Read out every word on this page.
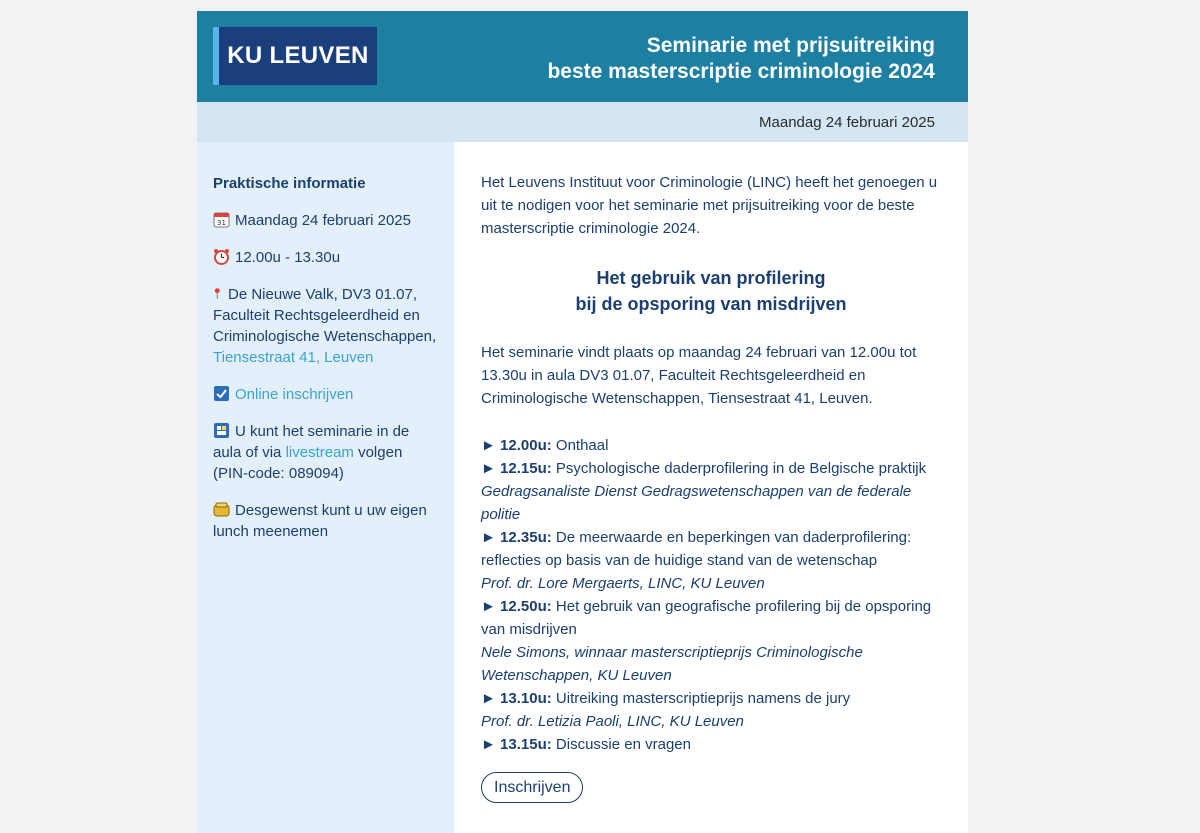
KU LEUVEN	Seminarie met prijsuitreiking
beste masterscriptie criminologie 2024
Maandag 24 februari 2025
Praktische informatie
31 Maandag 24 februari 2025
12.00u - 13.30u
De Nieuwe Valk, DV3 01.07, Faculteit Rechtsgeleerdheid en Criminologische Wetenschappen, Tiensestraat 41, Leuven
Online inschrijven
U kunt het seminarie in de aula of via livestream volgen (PIN-code: 089094)
Desgewenst kunt u uw eigen lunch meenemen

Het Leuvens Instituut voor Criminologie (LINC) heeft het genoegen u uit te nodigen voor het seminarie met prijsuitreiking voor de beste masterscriptie criminologie 2024.

Het gebruik van profilering
bij de opsporing van misdrijven

Het seminarie vindt plaats op maandag 24 februari van 12.00u tot 13.30u in aula DV3 01.07, Faculteit Rechtsgeleerdheid en Criminologische Wetenschappen, Tiensestraat 41, Leuven.

► 12.00u: Onthaal
► 12.15u: Psychologische daderprofilering in de Belgische praktijk
Gedragsanaliste Dienst Gedragswetenschappen van de federale politie
► 12.35u: De meerwaarde en beperkingen van daderprofilering: reflecties op basis van de huidige stand van de wetenschap
Prof. dr. Lore Mergaerts, LINC, KU Leuven
► 12.50u: Het gebruik van geografische profilering bij de opsporing van misdrijven
Nele Simons, winnaar masterscriptieprijs Criminologische Wetenschappen, KU Leuven
► 13.10u: Uitreiking masterscriptieprijs namens de jury
Prof. dr. Letizia Paoli, LINC, KU Leuven
► 13.15u: Discussie en vragen
Inschrijven
